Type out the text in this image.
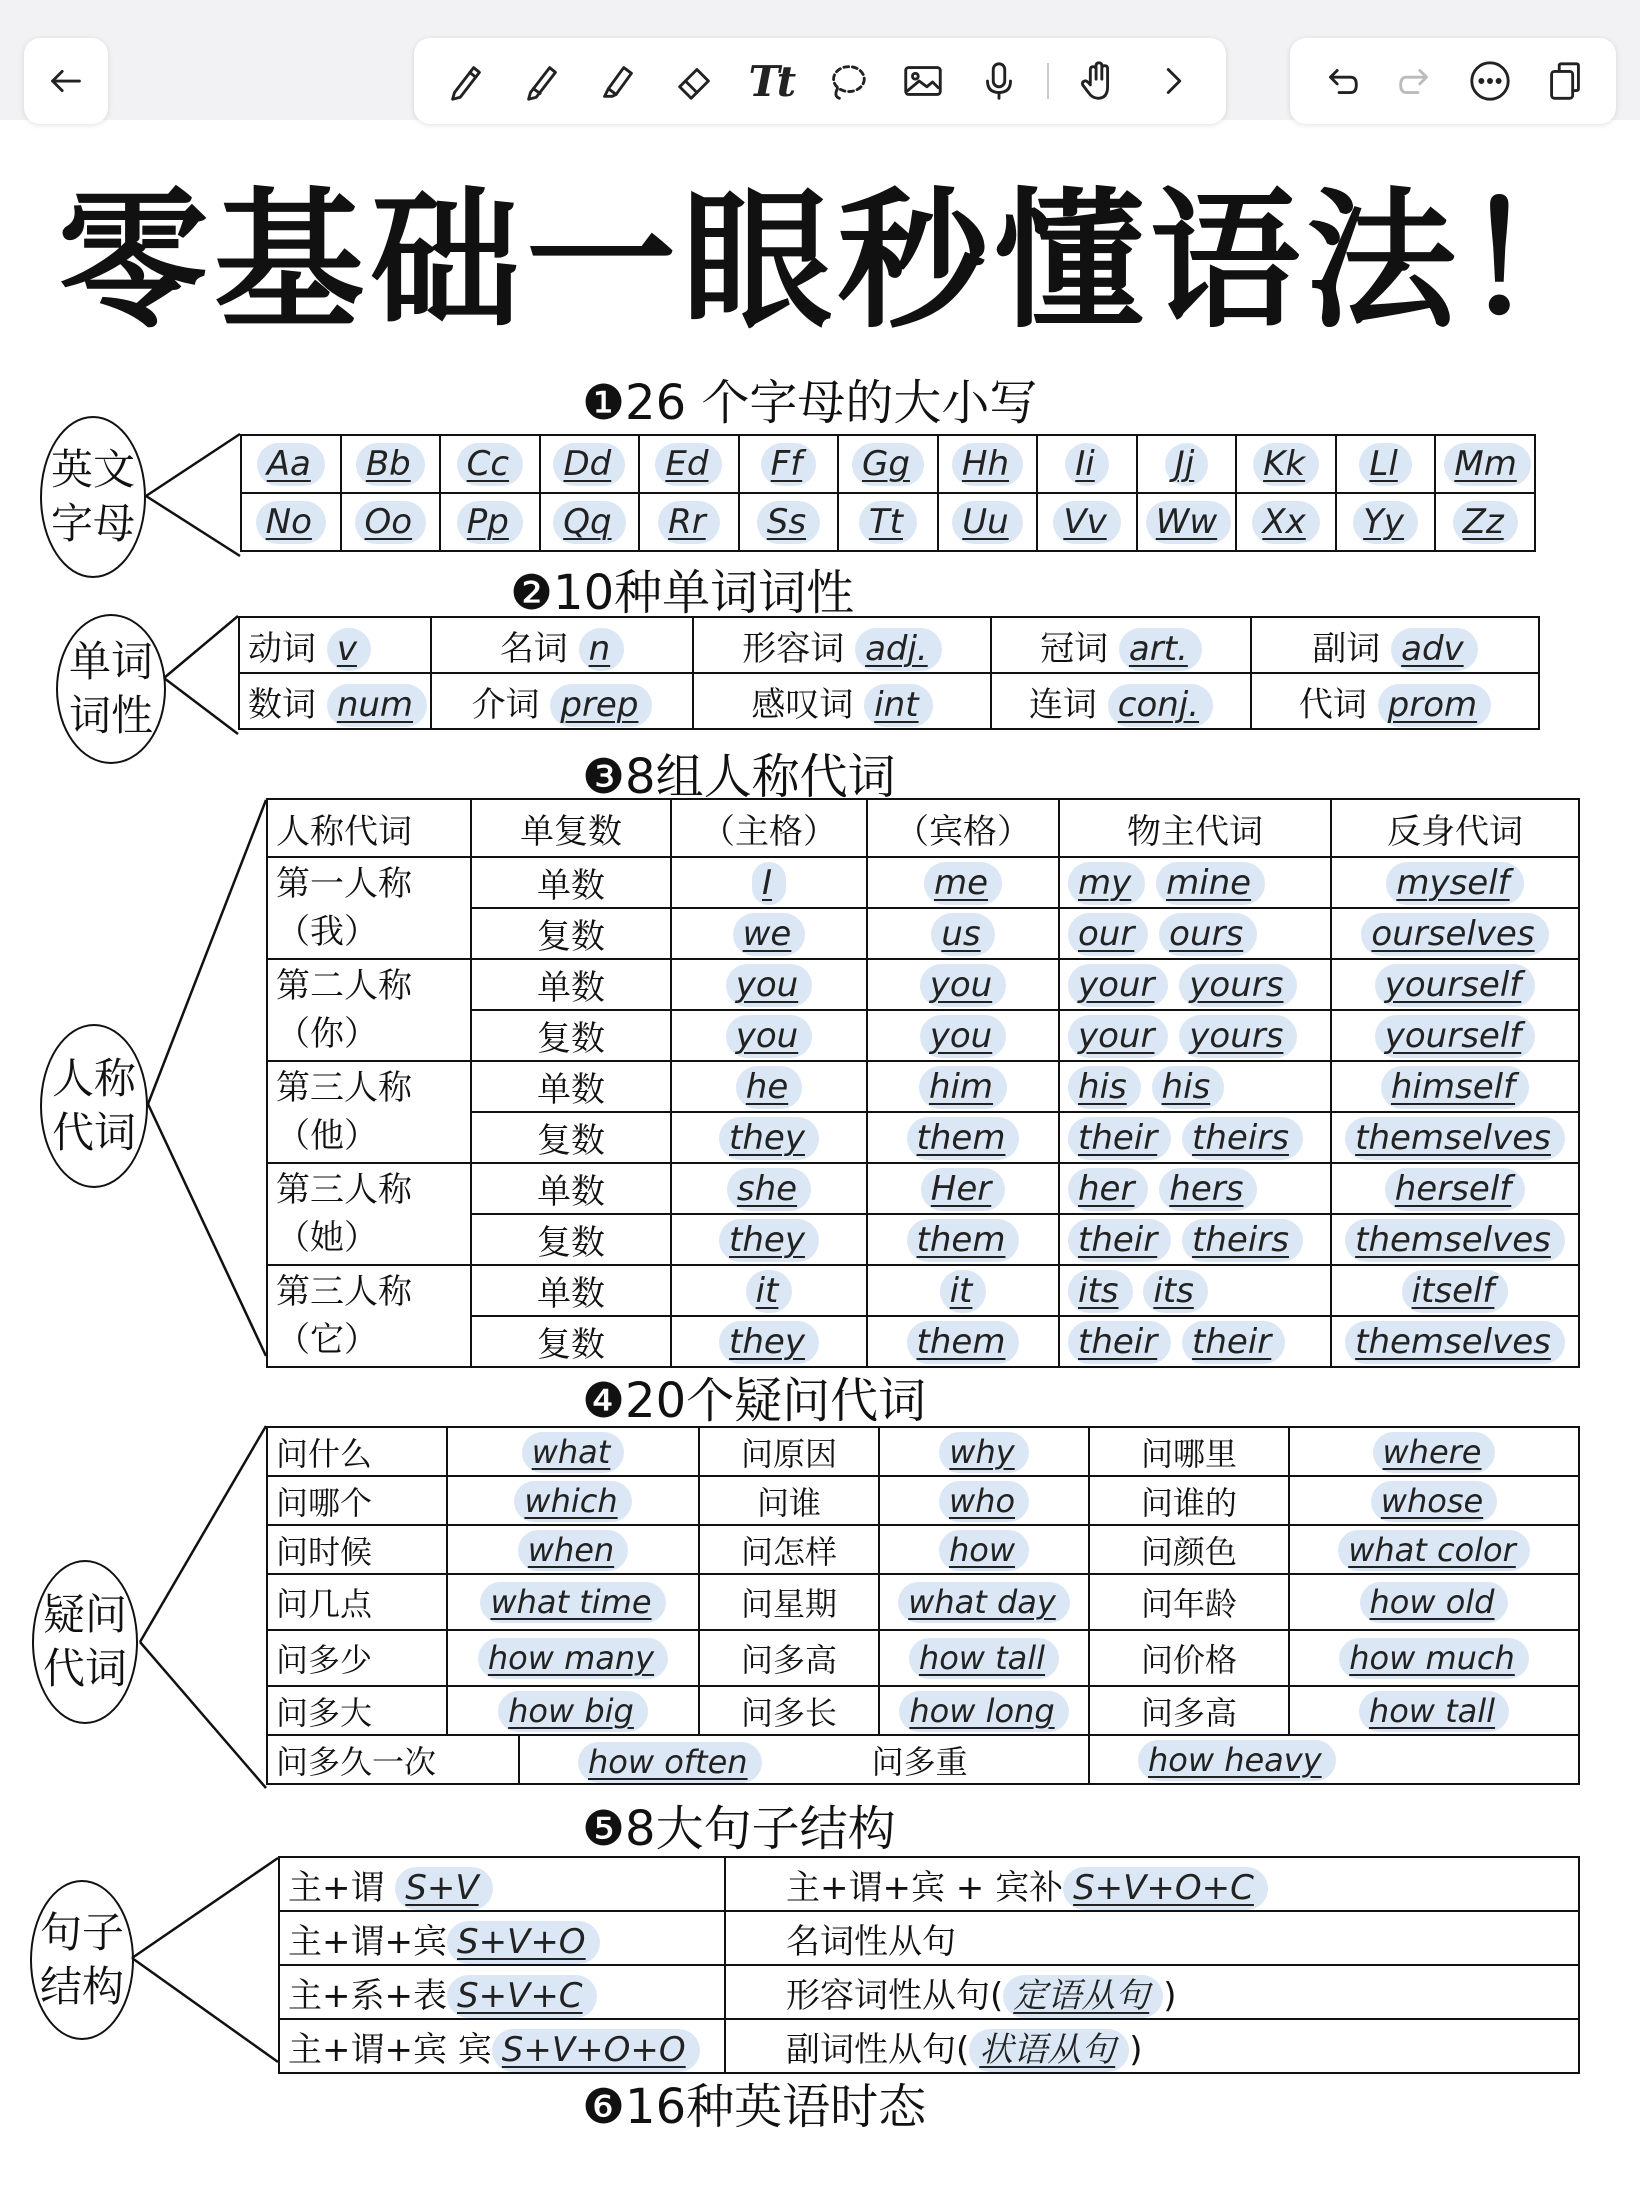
Tt
零基础一眼秒懂语法！
❶26 个字母的大小写
❷10种单词词性
❸8组人称代词
❹20个疑问代词
❺8大句子结构
❻16种英语时态
英文
字母
单词
词性
人称
代词
疑问
代词
句子
结构
Aa	Bb	Cc	Dd	Ed	Ff	Gg	Hh	Ii	Jj	Kk	Ll	Mm
No	Oo	Pp	Qq	Rr	Ss	Tt	Uu	Vv	Ww	Xx	Yy	Zz
动词 v	名词 n	形容词 adj.	冠词 art.	副词 adv
数词 num	介词 prep	感叹词 int	连词 conj.	代词 prom
人称代词	单复数	（主格）	（宾格）	物主代词	反身代词

第一人称
（我）	单数	I	me	my mine	myself
	复数	we	us	our ours	ourselves

第二人称
（你）	单数	you	you	your yours	yourself
	复数	you	you	your yours	yourself

第三人称
（他）	单数	he	him	his his	himself
	复数	they	them	their theirs	themselves

第三人称
（她）	单数	she	Her	her hers	herself
	复数	they	them	their theirs	themselves

第三人称
（它）	单数	it	it	its its	itself
	复数	they	them	their their	themselves
问什么	what	问原因	why	问哪里	where
问哪个	which	问谁	who	问谁的	whose
问时候	when	问怎样	how	问颜色	what color
问几点	what time	问星期	what day	问年龄	how old
问多少	how many	问多高	how tall	问价格	how much
问多大	how big	问多长	how long	问多高	how tall
问多久一次	how often	问多重	how heavy
主+谓 S+V	主+谓+宾 + 宾补 S+V+O+C
主+谓+宾 S+V+O	名词性从句
主+系+表 S+V+C	形容词性从句( 定语从句 )
主+谓+宾 宾 S+V+O+O	副词性从句( 状语从句 )
